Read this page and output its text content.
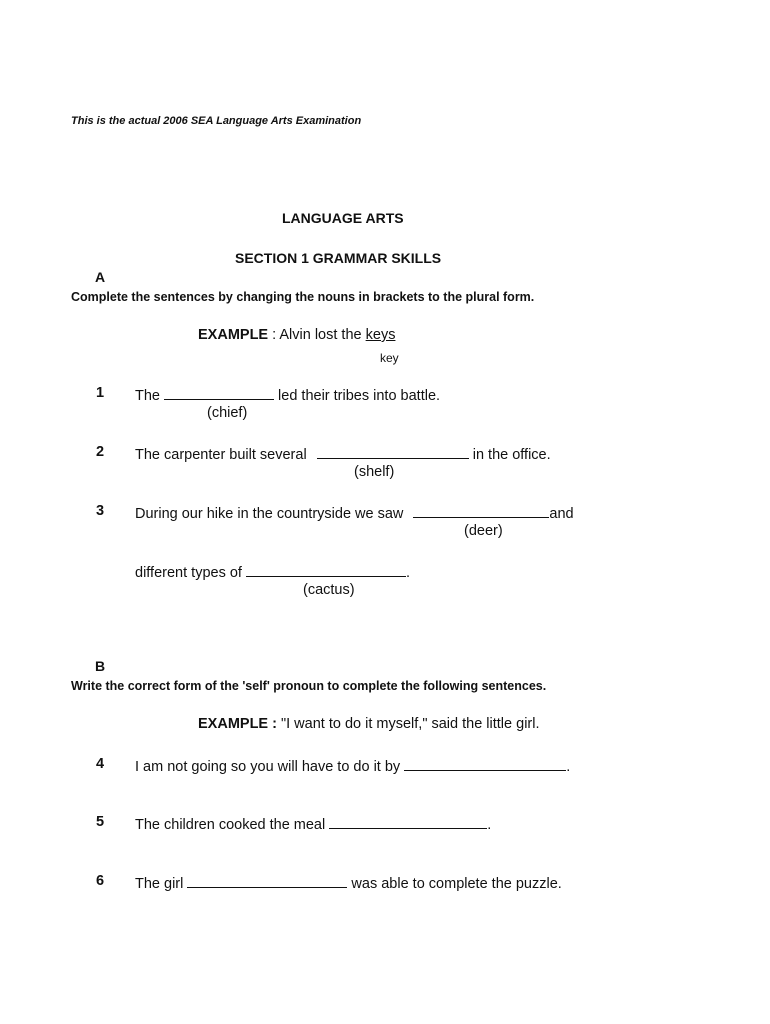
This is the actual 2006 SEA Language Arts Examination
LANGUAGE ARTS
SECTION 1 GRAMMAR SKILLS
A
Complete the sentences by changing the nouns in brackets to the plural form.
EXAMPLE : Alvin lost the keys
key
1 The	led their tribes into battle.
(chief)
2 The carpenter built several	in the office.
(shelf)
3 During our hike in the countryside we saw	and
(deer)
different types of	.
(cactus)
B
Write the correct form of the 'self' pronoun to complete the following sentences.
EXAMPLE : "I want to do it myself," said the little girl.
4 I am not going so you will have to do it by	.
5 The children cooked the meal	.
6 The girl	was able to complete the puzzle.
